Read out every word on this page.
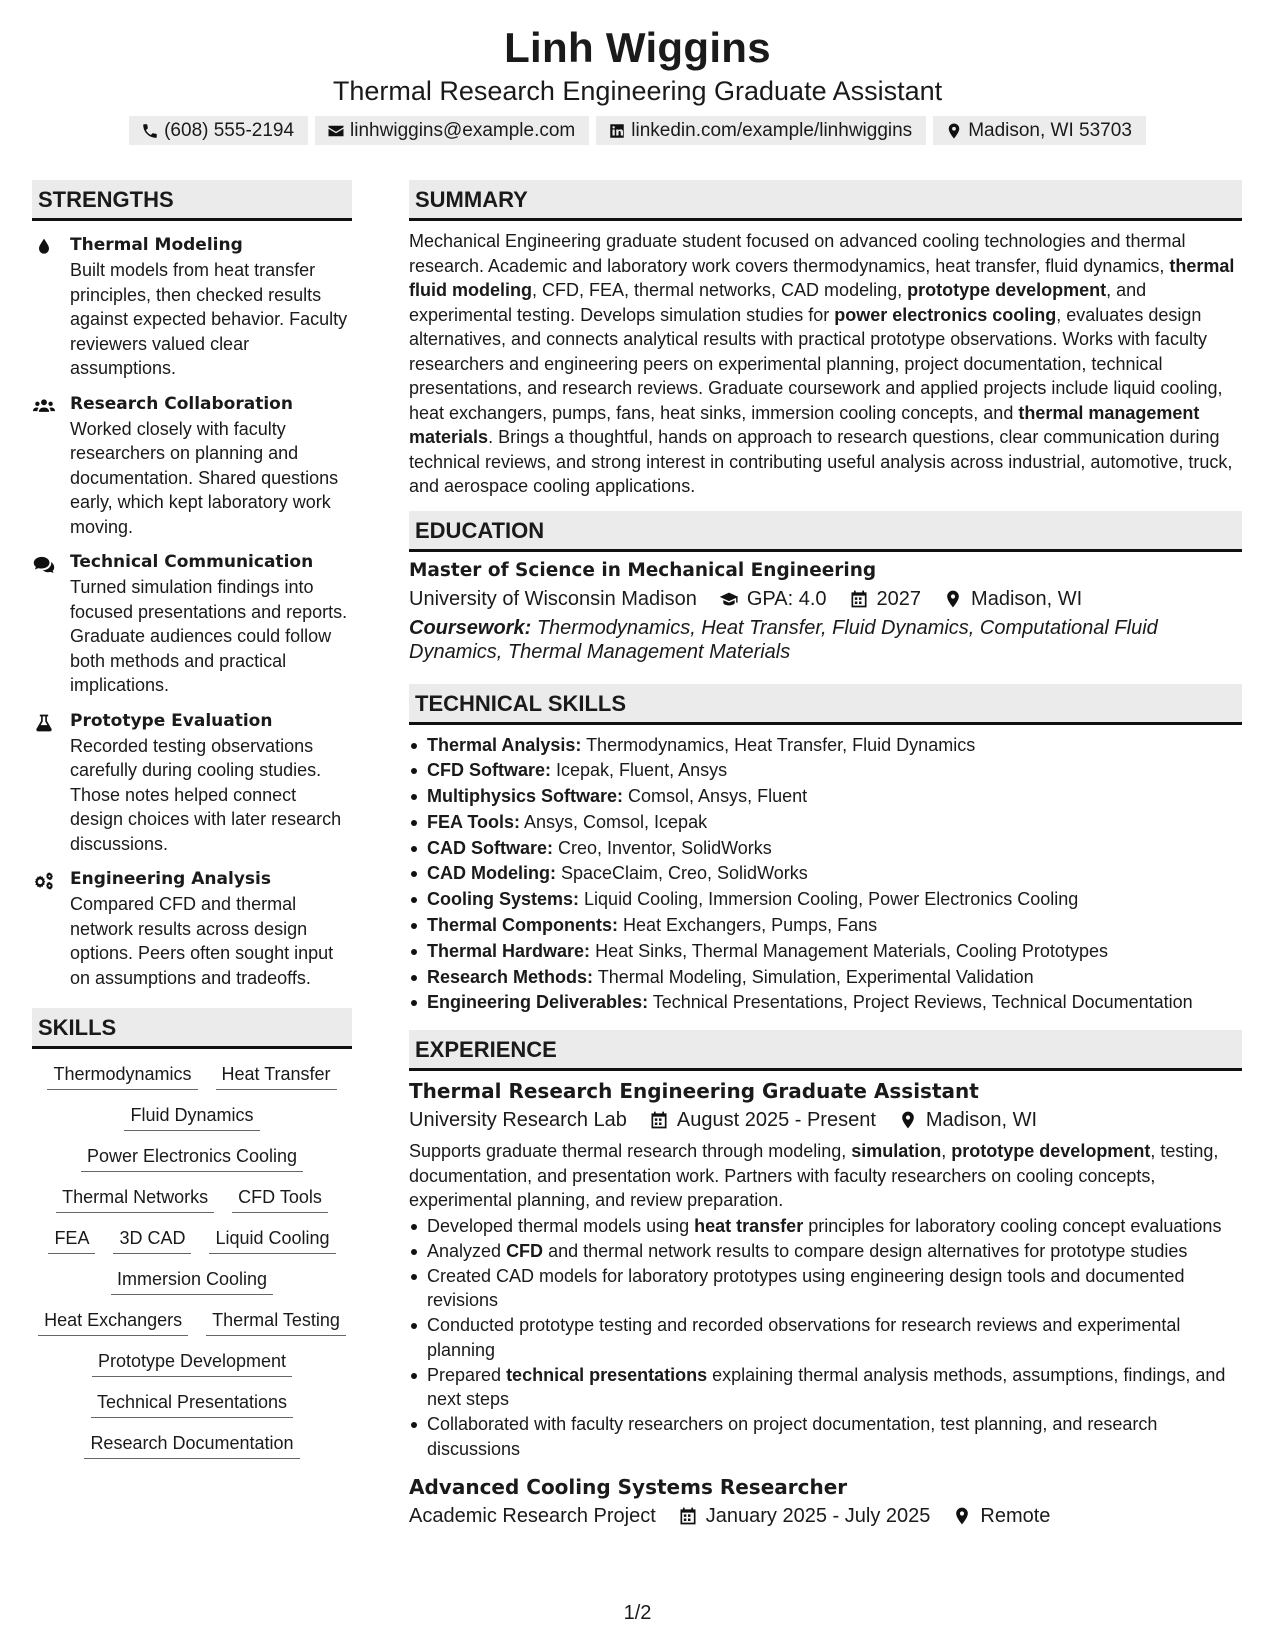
Linh Wiggins
Thermal Research Engineering Graduate Assistant
(608) 555-2194	linhwiggins@example.com	linkedin.com/example/linhwiggins	Madison, WI 53703
STRENGTHS
Thermal Modeling
Built models from heat transfer principles, then checked results against expected behavior. Faculty reviewers valued clear assumptions.
Research Collaboration
Worked closely with faculty researchers on planning and documentation. Shared questions early, which kept laboratory work moving.
Technical Communication
Turned simulation findings into focused presentations and reports. Graduate audiences could follow both methods and practical implications.
Prototype Evaluation
Recorded testing observations carefully during cooling studies. Those notes helped connect design choices with later research discussions.
Engineering Analysis
Compared CFD and thermal network results across design options. Peers often sought input on assumptions and tradeoffs.
SKILLS
Thermodynamics	Heat Transfer
Fluid Dynamics
Power Electronics Cooling
Thermal Networks	CFD Tools
FEA	3D CAD	Liquid Cooling
Immersion Cooling
Heat Exchangers	Thermal Testing
Prototype Development
Technical Presentations
Research Documentation
SUMMARY
Mechanical Engineering graduate student focused on advanced cooling technologies and thermal research. Academic and laboratory work covers thermodynamics, heat transfer, fluid dynamics, thermal fluid modeling, CFD, FEA, thermal networks, CAD modeling, prototype development, and experimental testing. Develops simulation studies for power electronics cooling, evaluates design alternatives, and connects analytical results with practical prototype observations. Works with faculty researchers and engineering peers on experimental planning, project documentation, technical presentations, and research reviews. Graduate coursework and applied projects include liquid cooling, heat exchangers, pumps, fans, heat sinks, immersion cooling concepts, and thermal management materials. Brings a thoughtful, hands on approach to research questions, clear communication during technical reviews, and strong interest in contributing useful analysis across industrial, automotive, truck, and aerospace cooling applications.
EDUCATION
Master of Science in Mechanical Engineering
University of Wisconsin Madison	GPA: 4.0	2027	Madison, WI
Coursework: Thermodynamics, Heat Transfer, Fluid Dynamics, Computational Fluid Dynamics, Thermal Management Materials
TECHNICAL SKILLS
Thermal Analysis: Thermodynamics, Heat Transfer, Fluid Dynamics
CFD Software: Icepak, Fluent, Ansys
Multiphysics Software: Comsol, Ansys, Fluent
FEA Tools: Ansys, Comsol, Icepak
CAD Software: Creo, Inventor, SolidWorks
CAD Modeling: SpaceClaim, Creo, SolidWorks
Cooling Systems: Liquid Cooling, Immersion Cooling, Power Electronics Cooling
Thermal Components: Heat Exchangers, Pumps, Fans
Thermal Hardware: Heat Sinks, Thermal Management Materials, Cooling Prototypes
Research Methods: Thermal Modeling, Simulation, Experimental Validation
Engineering Deliverables: Technical Presentations, Project Reviews, Technical Documentation
EXPERIENCE
Thermal Research Engineering Graduate Assistant
University Research Lab	August 2025 - Present	Madison, WI
Supports graduate thermal research through modeling, simulation, prototype development, testing, documentation, and presentation work. Partners with faculty researchers on cooling concepts, experimental planning, and review preparation.
Developed thermal models using heat transfer principles for laboratory cooling concept evaluations
Analyzed CFD and thermal network results to compare design alternatives for prototype studies
Created CAD models for laboratory prototypes using engineering design tools and documented revisions
Conducted prototype testing and recorded observations for research reviews and experimental planning
Prepared technical presentations explaining thermal analysis methods, assumptions, findings, and next steps
Collaborated with faculty researchers on project documentation, test planning, and research discussions
Advanced Cooling Systems Researcher
Academic Research Project	January 2025 - July 2025	Remote
1/2
